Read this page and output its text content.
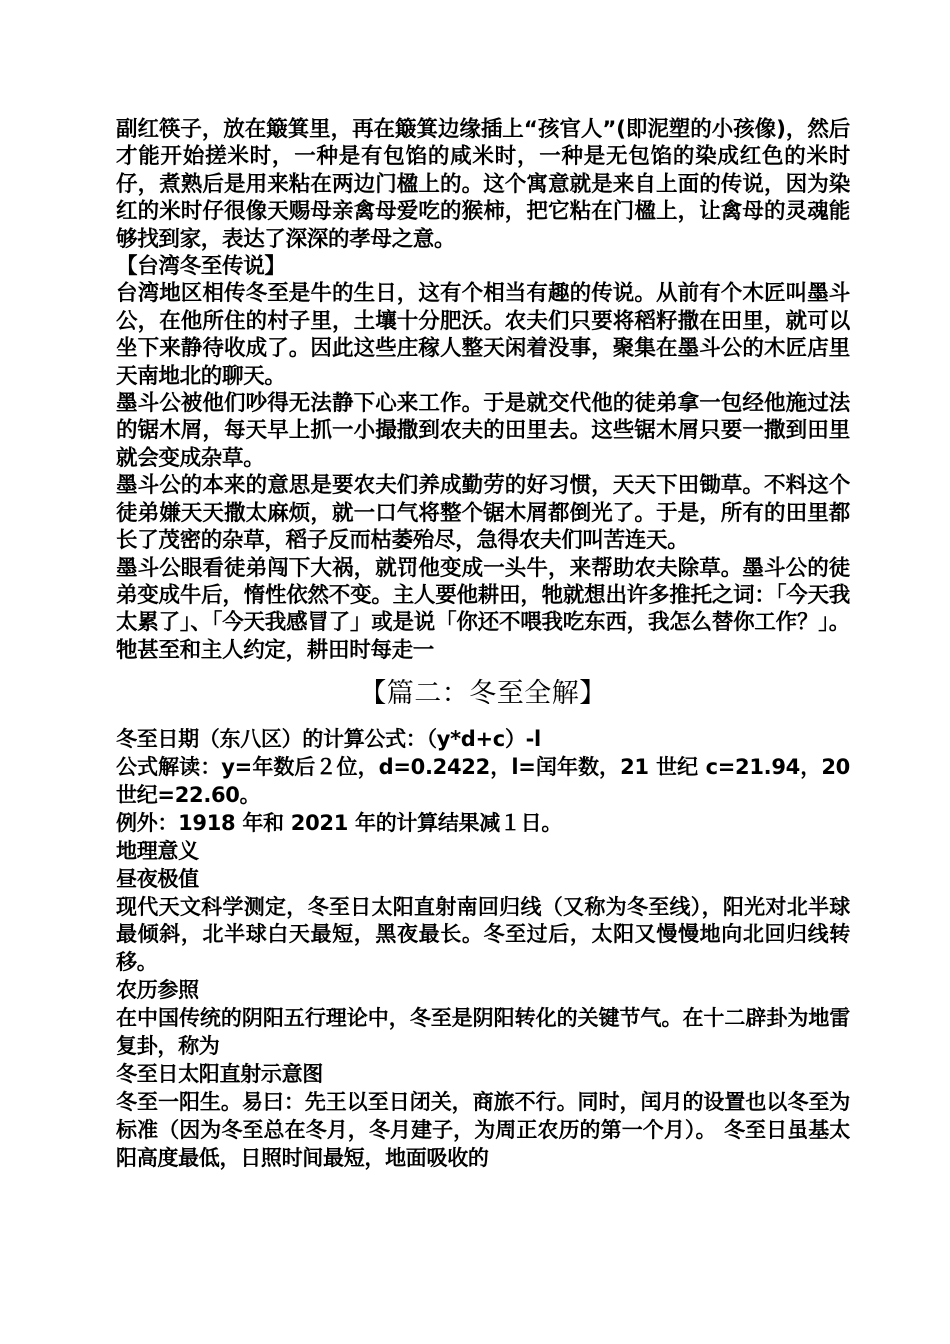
副红筷子，放在簸箕里，再在簸箕边缘插上“孩官人”(即泥塑的小孩像)，然后才能开始搓米时，一种是有包馅的咸米时，一种是无包馅的染成红色的米时仔，煮熟后是用来粘在两边门楹上的。这个寓意就是来自上面的传说，因为染红的米时仔很像天赐母亲禽母爱吃的猴柿，把它粘在门楹上，让禽母的灵魂能够找到家，表达了深深的孝母之意。

【台湾冬至传说】

台湾地区相传冬至是牛的生日，这有个相当有趣的传说。从前有个木匠叫墨斗公，在他所住的村子里，土壤十分肥沃。农夫们只要将稻籽撒在田里，就可以坐下来静待收成了。因此这些庄稼人整天闲着没事，聚集在墨斗公的木匠店里天南地北的聊天。

墨斗公被他们吵得无法静下心来工作。于是就交代他的徒弟拿一包经他施过法的锯木屑，每天早上抓一小撮撒到农夫的田里去。这些锯木屑只要一撒到田里就会变成杂草。

墨斗公的本来的意思是要农夫们养成勤劳的好习惯，天天下田锄草。不料这个徒弟嫌天天撒太麻烦，就一口气将整个锯木屑都倒光了。于是，所有的田里都长了茂密的杂草，稻子反而枯萎殆尽，急得农夫们叫苦连天。

墨斗公眼看徒弟闯下大祸，就罚他变成一头牛，来帮助农夫除草。墨斗公的徒弟变成牛后，惰性依然不变。主人要他耕田，牠就想出许多推托之词：「今天我太累了」、「今天我感冒了」或是说「你还不喂我吃东西，我怎么替你工作？」。牠甚至和主人约定，耕田时每走一

【篇二：冬至全解】

冬至日期（东八区）的计算公式：（y*d+c）-l

公式解读：y=年数后２位，d=0.2422，l=闰年数，21 世纪 c=21.94，20 世纪=22.60。

例外：1918 年和 2021 年的计算结果减１日。

地理意义

昼夜极值

现代天文科学测定，冬至日太阳直射南回归线（又称为冬至线），阳光对北半球最倾斜，北半球白天最短，黑夜最长。冬至过后，太阳又慢慢地向北回归线转移。

农历参照

在中国传统的阴阳五行理论中，冬至是阴阳转化的关键节气。在十二辟卦为地雷复卦，称为

冬至日太阳直射示意图

冬至一阳生。易曰：先王以至日闭关，商旅不行。同时，闰月的设置也以冬至为标准（因为冬至总在冬月，冬月建子，为周正农历的第一个月）。 冬至日虽基太阳高度最低，日照时间最短，地面吸收的
